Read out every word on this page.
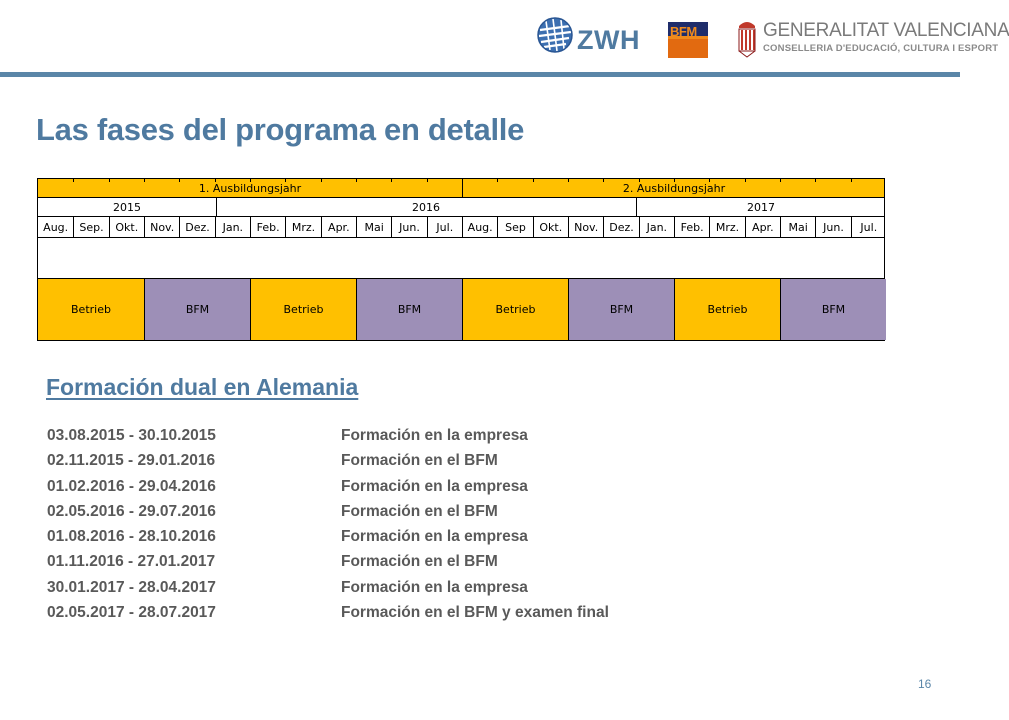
ZWH BFM	GENERALITAT VALENCIANA
CONSELLERIA D'EDUCACIÓ, CULTURA I ESPORT
Las fases del programa en detalle
1. Ausbildungsjahr	2. Ausbildungsjahr
2015	2016	2017
Aug.	Sep.	Okt.	Nov.	Dez.	Jan.	Feb.	Mrz.	Apr.	Mai	Jun.	Jul.	Aug.	Sep	Okt.	Nov.	Dez.	Jan.	Feb.	Mrz.	Apr.	Mai	Jun.	Jul.
Betrieb	BFM	Betrieb	BFM	Betrieb	BFM	Betrieb	BFM
Formación dual en Alemania
03.08.2015 - 30.10.2015	Formación en la empresa
02.11.2015 - 29.01.2016	Formación en el BFM
01.02.2016 - 29.04.2016	Formación en la empresa
02.05.2016 - 29.07.2016	Formación en el BFM
01.08.2016 - 28.10.2016	Formación en la empresa
01.11.2016 - 27.01.2017	Formación en el BFM
30.01.2017 - 28.04.2017	Formación en la empresa
02.05.2017 - 28.07.2017	Formación en el BFM y examen final
16
